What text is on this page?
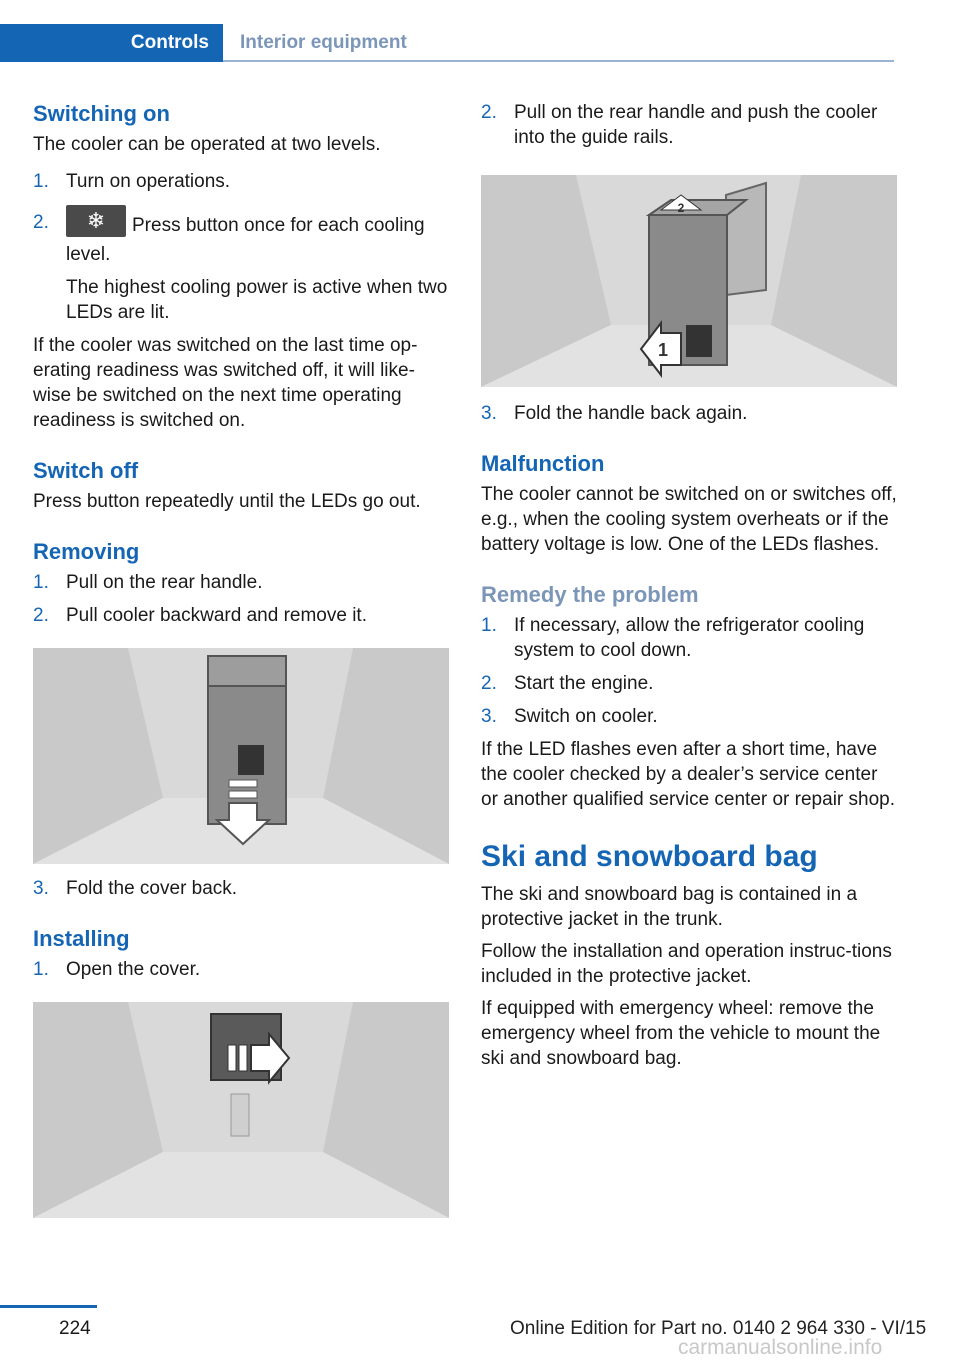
Controls	Interior equipment
Switching on

The cooler can be operated at two levels.

1. Turn on operations.
2. ❄ Press button once for each cooling level.

The highest cooling power is active when two LEDs are lit.

If the cooler was switched on the last time op‐erating readiness was switched off, it will like‐wise be switched on the next time operating readiness is switched on.

Switch off

Press button repeatedly until the LEDs go out.

Removing
1. Pull on the rear handle.
2. Pull cooler backward and remove it.
3. Fold the cover back.
Installing
1. Open the cover.
2. Pull on the rear handle and push the cooler into the guide rails.
2
1
3. Fold the handle back again.
Malfunction

The cooler cannot be switched on or switches off, e.g., when the cooling system overheats or if the battery voltage is low. One of the LEDs flashes.

Remedy the problem
1. If necessary, allow the refrigerator cooling system to cool down.
2. Start the engine.
3. Switch on cooler.

If the LED flashes even after a short time, have the cooler checked by a dealer’s service center or another qualified service center or repair shop.

Ski and snowboard bag

The ski and snowboard bag is contained in a protective jacket in the trunk.

Follow the installation and operation instruc‐tions included in the protective jacket.

If equipped with emergency wheel: remove the emergency wheel from the vehicle to mount the ski and snowboard bag.

224	Online Edition for Part no. 0140 2 964 330 - VI/15
carmanualsonline.info
